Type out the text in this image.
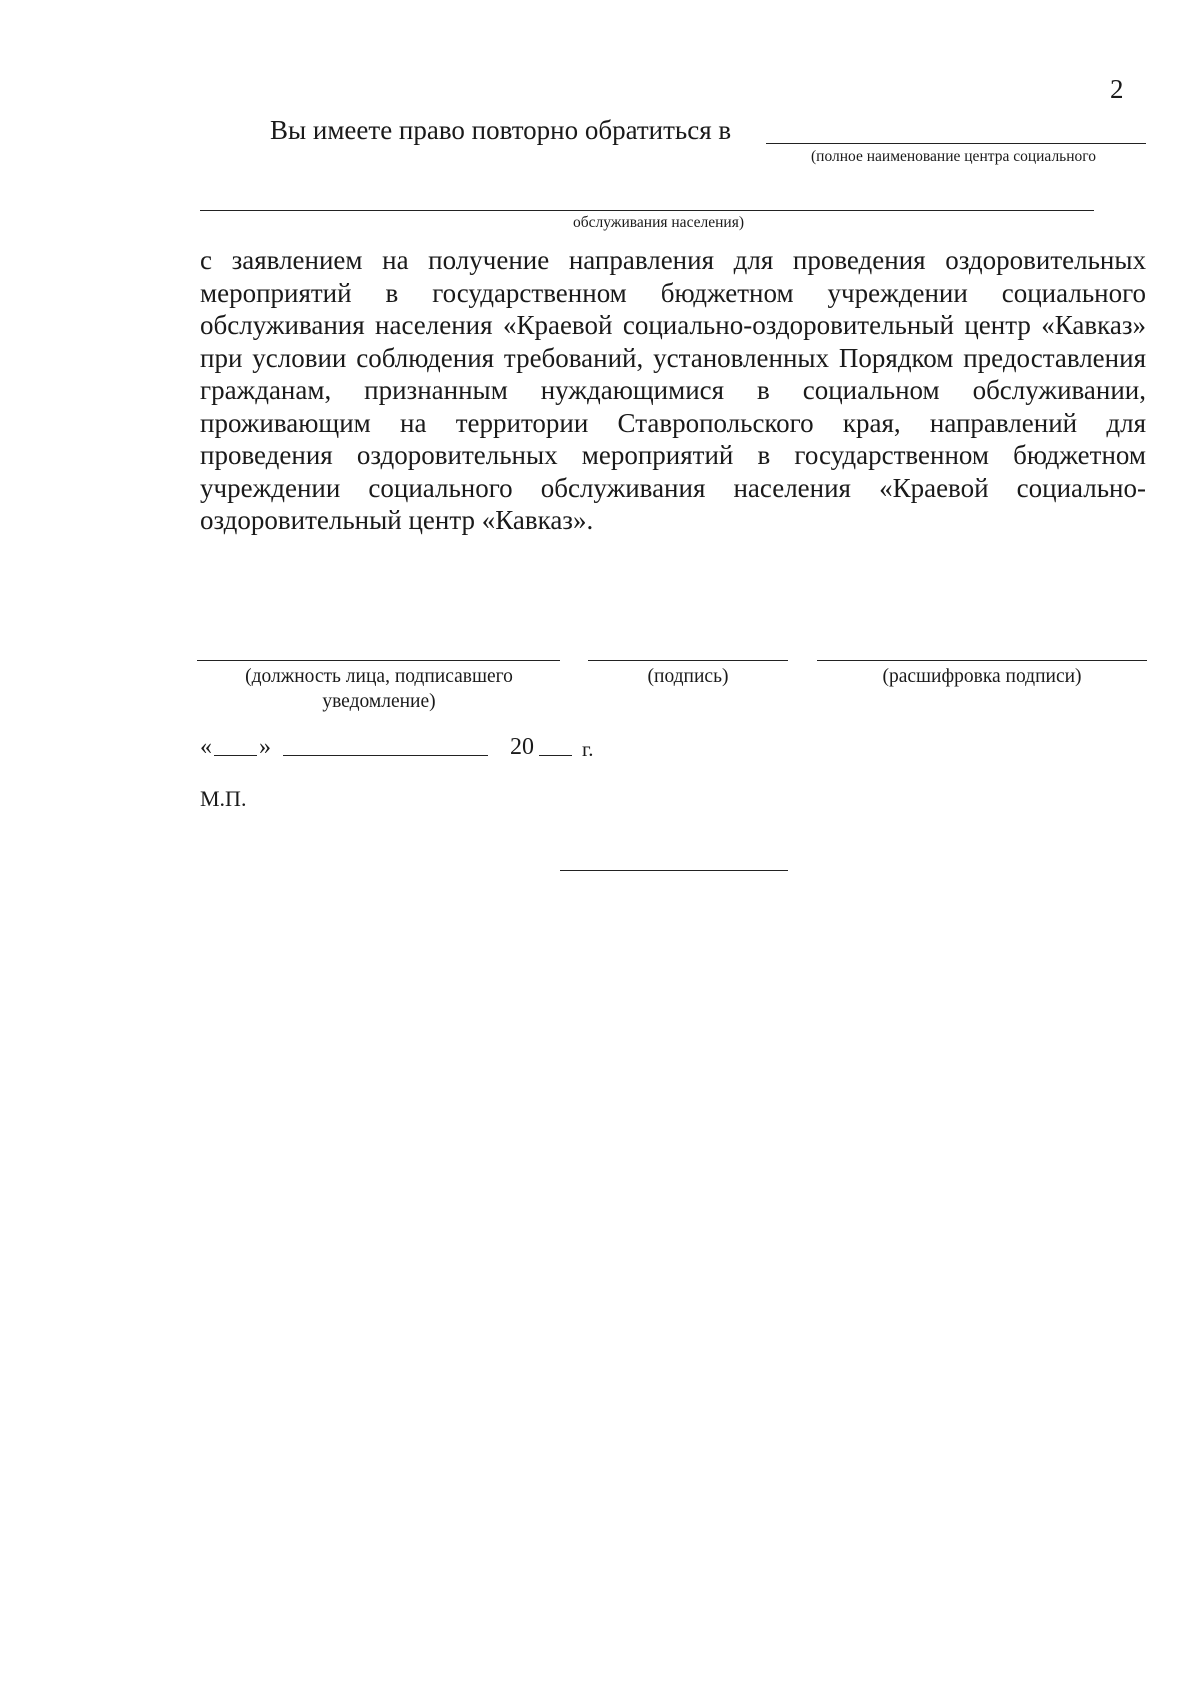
2
Вы имеете право повторно обратиться в
(полное наименование центра социального
обслуживания населения)

с заявлением на получение направления для проведения оздоровительных мероприятий в государственном бюджетном учреждении социального обслуживания населения «Краевой социально-оздоровительный центр «Кавказ» при условии соблюдения требований, установленных Порядком предоставления гражданам, признанным нуждающимися в социальном обслуживании, проживающим на территории Ставропольского края, направлений для проведения оздоровительных мероприятий в государственном бюджетном учреждении социального обслуживания населения «Краевой социально-оздоровительный центр «Кавказ».

(должность лица, подписавшего уведомление)
(подпись)	(расшифровка подписи)
« »	20 г.
М.П.
